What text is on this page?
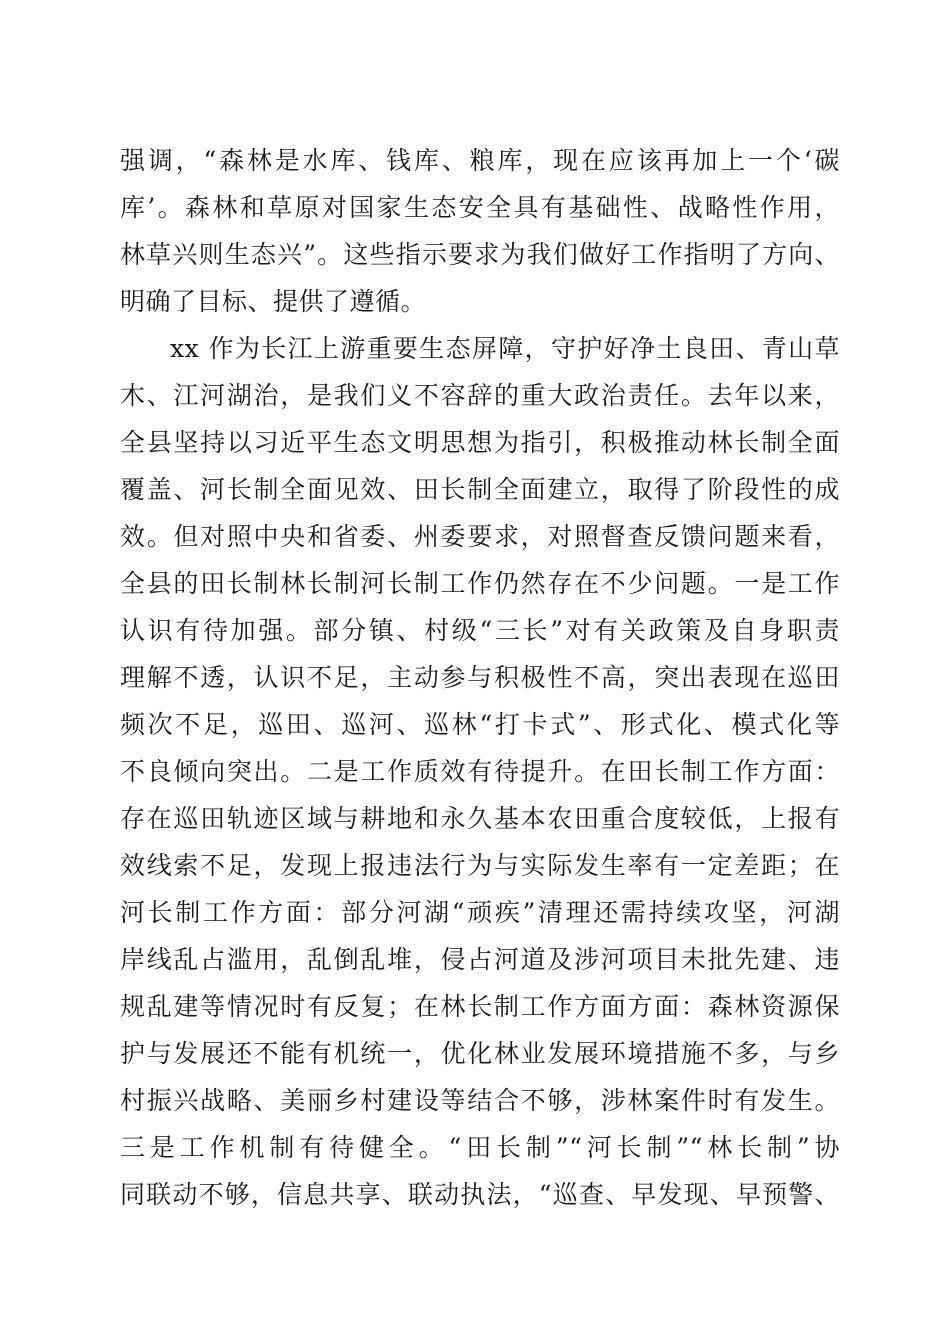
强调，“森林是水库、钱库、粮库，现在应该再加上一个‘碳
库’。森林和草原对国家生态安全具有基础性、战略性作用，
林草兴则生态兴”。这些指示要求为我们做好工作指明了方向、
明确了目标、提供了遵循。
xx 作为长江上游重要生态屏障，守护好净土良田、青山草
木、江河湖治，是我们义不容辞的重大政治责任。去年以来，
全县坚持以习近平生态文明思想为指引，积极推动林长制全面
覆盖、河长制全面见效、田长制全面建立，取得了阶段性的成
效。但对照中央和省委、州委要求，对照督查反馈问题来看，
全县的田长制林长制河长制工作仍然存在不少问题。一是工作
认识有待加强。部分镇、村级“三长”对有关政策及自身职责
理解不透，认识不足，主动参与积极性不高，突出表现在巡田
频次不足，巡田、巡河、巡林“打卡式”、形式化、模式化等
不良倾向突出。二是工作质效有待提升。在田长制工作方面：
存在巡田轨迹区域与耕地和永久基本农田重合度较低，上报有
效线索不足，发现上报违法行为与实际发生率有一定差距；在
河长制工作方面：部分河湖“顽疾”清理还需持续攻坚，河湖
岸线乱占滥用，乱倒乱堆，侵占河道及涉河项目未批先建、违
规乱建等情况时有反复；在林长制工作方面方面：森林资源保
护与发展还不能有机统一，优化林业发展环境措施不多，与乡
村振兴战略、美丽乡村建设等结合不够，涉林案件时有发生。
三是工作机制有待健全。“田长制”“河长制”“林长制”协
同联动不够，信息共享、联动执法，“巡查、早发现、早预警、
